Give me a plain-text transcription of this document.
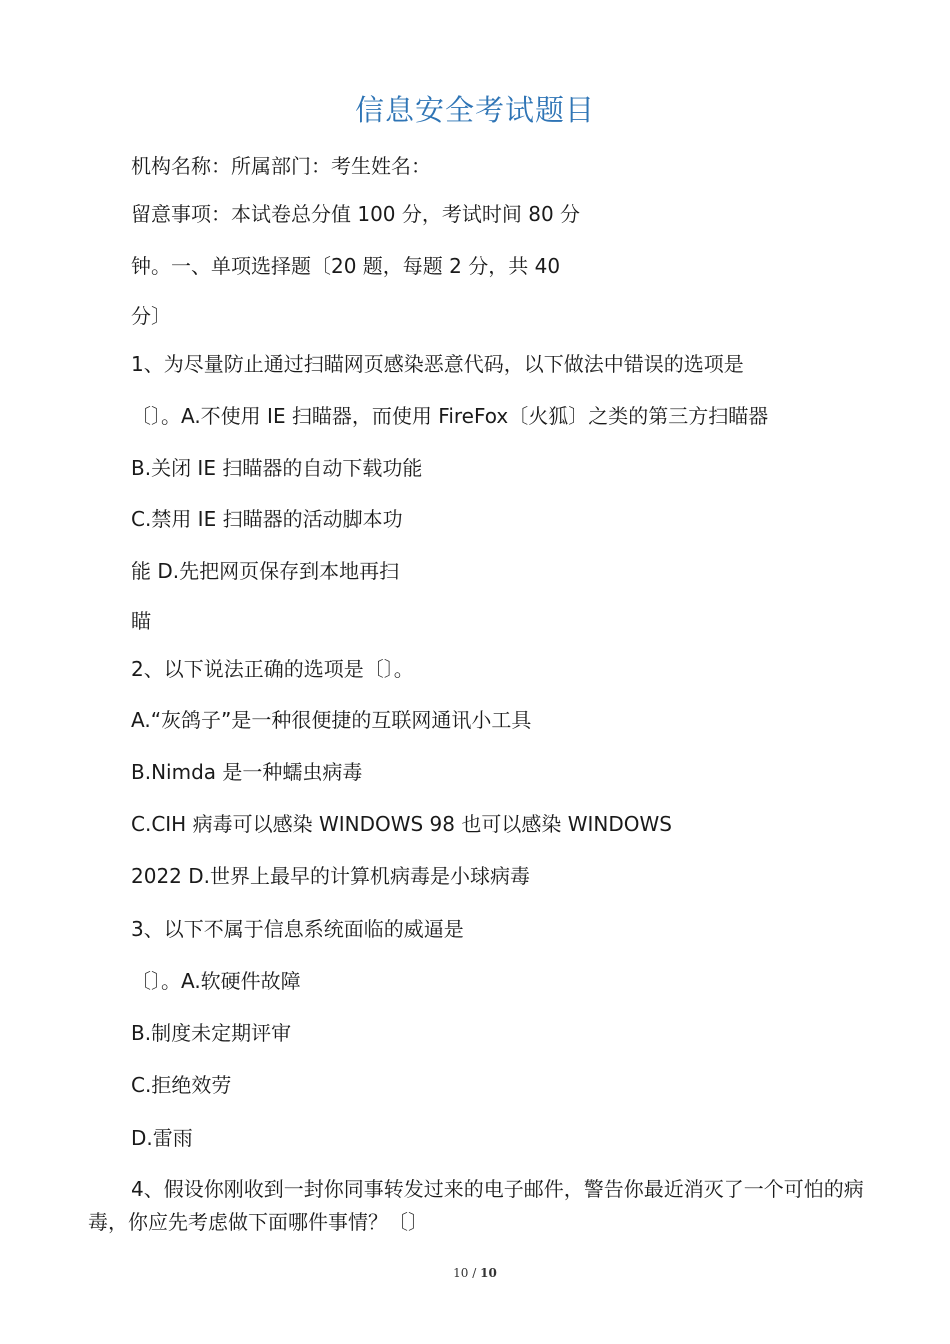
信息安全考试题目
机构名称：所属部门：考生姓名：
留意事项：本试卷总分值 100 分，考试时间 80 分
钟。一、单项选择题〔20 题，每题 2 分，共 40
分〕
1、为尽量防止通过扫瞄网页感染恶意代码，以下做法中错误的选项是
〔〕。A.不使用 IE 扫瞄器，而使用 FireFox〔火狐〕之类的第三方扫瞄器
B.关闭 IE 扫瞄器的自动下载功能
C.禁用 IE 扫瞄器的活动脚本功
能 D.先把网页保存到本地再扫
瞄
2、以下说法正确的选项是〔〕。
A.“灰鸽子”是一种很便捷的互联网通讯小工具
B.Nimda 是一种蠕虫病毒
C.CIH 病毒可以感染 WINDOWS 98 也可以感染 WINDOWS
2022 D.世界上最早的计算机病毒是小球病毒
3、以下不属于信息系统面临的威逼是
〔〕。A.软硬件故障
B.制度未定期评审
C.拒绝效劳
D.雷雨
4、假设你刚收到一封你同事转发过来的电子邮件，警告你最近消灭了一个可怕的病毒，你应先考虑做下面哪件事情？〔〕
10 / 10
